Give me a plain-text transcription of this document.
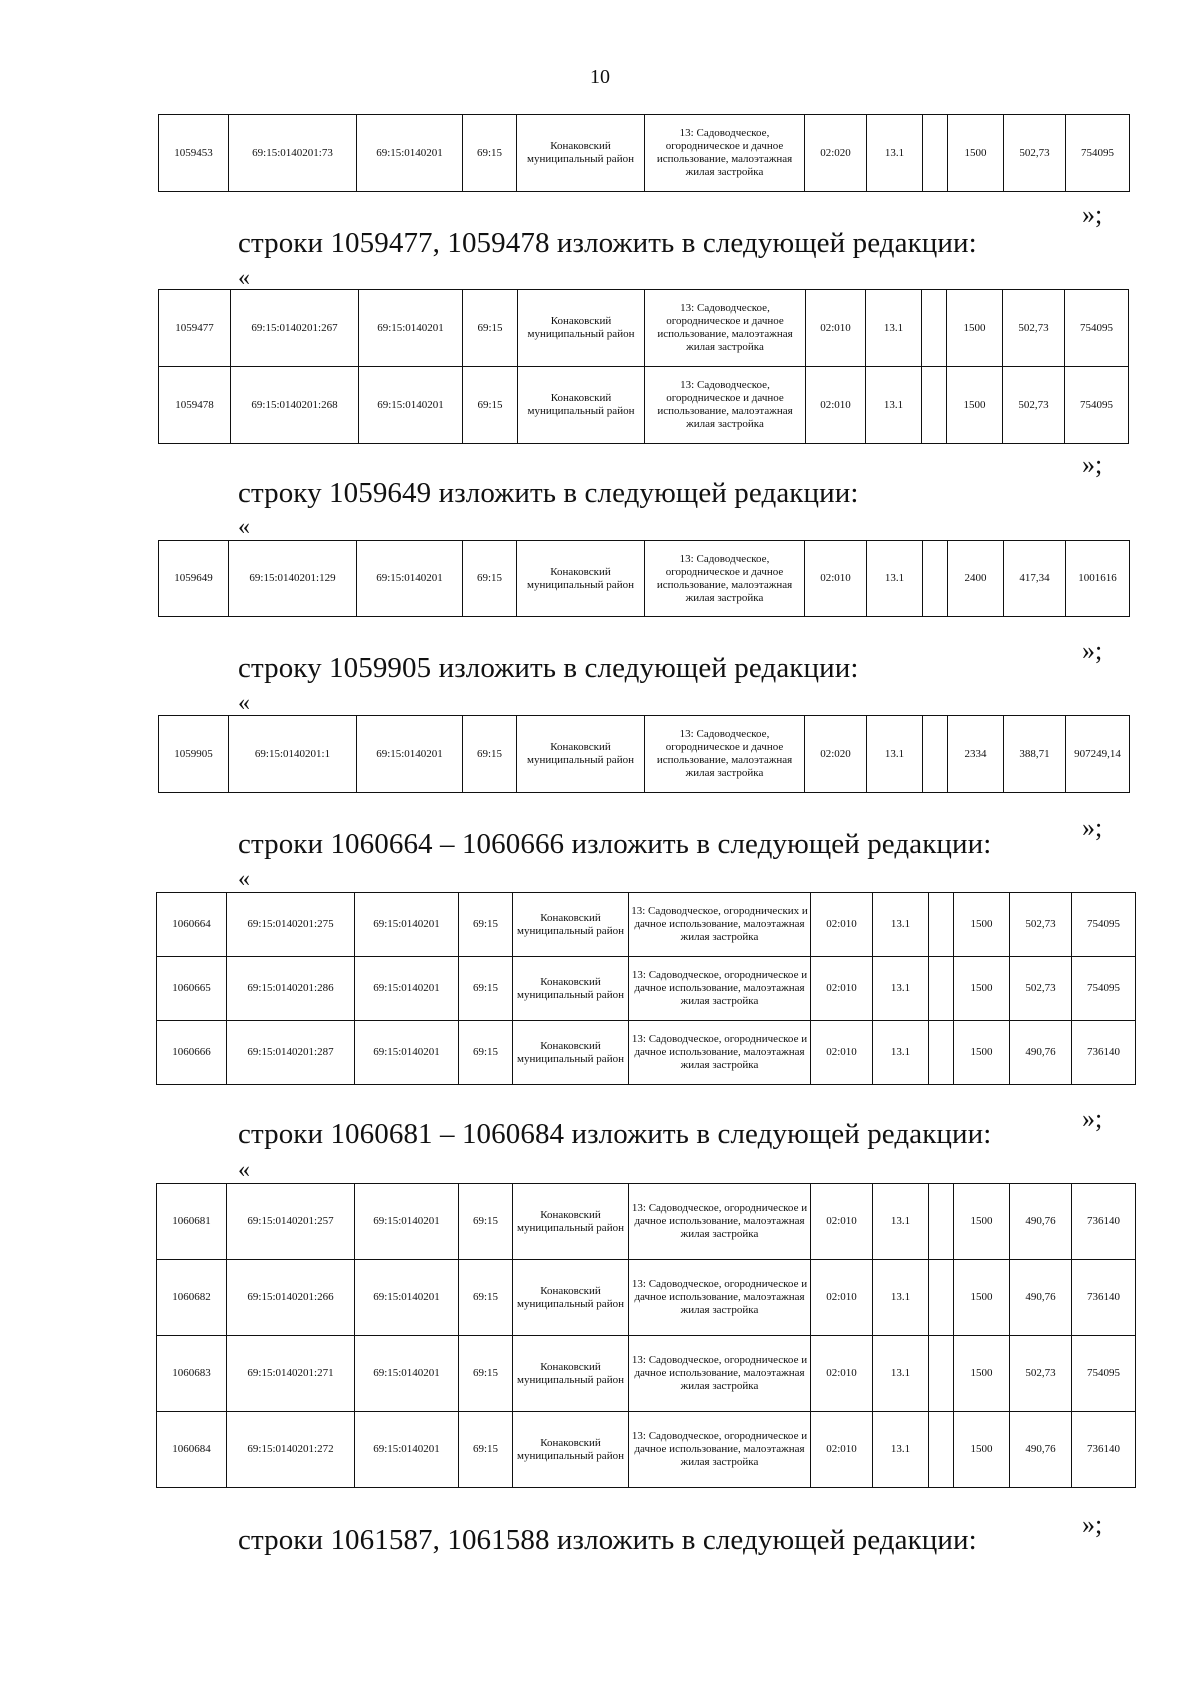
10
1059453	69:15:0140201:73	69:15:0140201	69:15	Конаковский муниципальный район	13: Садоводческое, огородническое и дачное использование, малоэтажная жилая застройка	02:020	13.1		1500	502,73	754095
»;
строки 1059477, 1059478 изложить в следующей редакции:
«
1059477	69:15:0140201:267	69:15:0140201	69:15	Конаковский муниципальный район	13: Садоводческое, огородническое и дачное использование, малоэтажная жилая застройка	02:010	13.1		1500	502,73	754095
1059478	69:15:0140201:268	69:15:0140201	69:15	Конаковский муниципальный район	13: Садоводческое, огородническое и дачное использование, малоэтажная жилая застройка	02:010	13.1		1500	502,73	754095
»;
строку 1059649 изложить в следующей редакции:
«
1059649	69:15:0140201:129	69:15:0140201	69:15	Конаковский муниципальный район	13: Садоводческое, огородническое и дачное использование, малоэтажная жилая застройка	02:010	13.1		2400	417,34	1001616
»;
строку 1059905 изложить в следующей редакции:
«
1059905	69:15:0140201:1	69:15:0140201	69:15	Конаковский муниципальный район	13: Садоводческое, огородническое и дачное использование, малоэтажная жилая застройка	02:020	13.1		2334	388,71	907249,14
»;
строки 1060664 – 1060666 изложить в следующей редакции:
«
1060664	69:15:0140201:275	69:15:0140201	69:15	Конаковский муниципальный район	13: Садоводческое, огороднических и дачное использование, малоэтажная жилая застройка	02:010	13.1		1500	502,73	754095
1060665	69:15:0140201:286	69:15:0140201	69:15	Конаковский муниципальный район	13: Садоводческое, огородническое и дачное использование, малоэтажная жилая застройка	02:010	13.1		1500	502,73	754095
1060666	69:15:0140201:287	69:15:0140201	69:15	Конаковский муниципальный район	13: Садоводческое, огородническое и дачное использование, малоэтажная жилая застройка	02:010	13.1		1500	490,76	736140
»;
строки 1060681 – 1060684 изложить в следующей редакции:
«
1060681	69:15:0140201:257	69:15:0140201	69:15	Конаковский муниципальный район	13: Садоводческое, огородническое и дачное использование, малоэтажная жилая застройка	02:010	13.1		1500	490,76	736140
1060682	69:15:0140201:266	69:15:0140201	69:15	Конаковский муниципальный район	13: Садоводческое, огородническое и дачное использование, малоэтажная жилая застройка	02:010	13.1		1500	490,76	736140
1060683	69:15:0140201:271	69:15:0140201	69:15	Конаковский муниципальный район	13: Садоводческое, огородническое и дачное использование, малоэтажная жилая застройка	02:010	13.1		1500	502,73	754095
1060684	69:15:0140201:272	69:15:0140201	69:15	Конаковский муниципальный район	13: Садоводческое, огородническое и дачное использование, малоэтажная жилая застройка	02:010	13.1		1500	490,76	736140
»;
строки 1061587, 1061588 изложить в следующей редакции:
